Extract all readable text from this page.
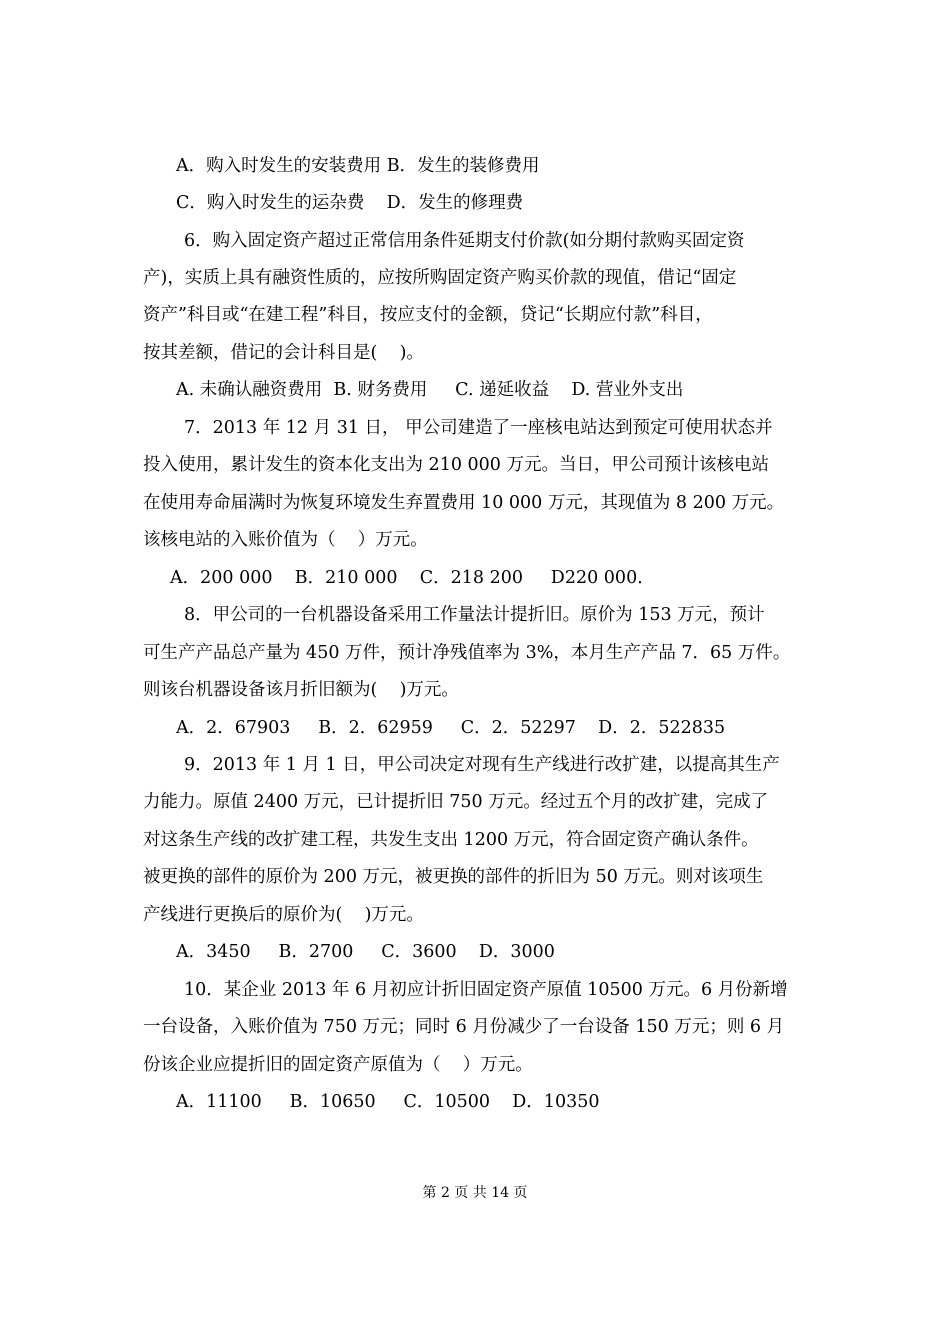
A．购入时发生的安装费用 B．发生的装修费用
C．购入时发生的运杂费    D．发生的修理费
6．购入固定资产超过正常信用条件延期支付价款(如分期付款购买固定资
产)，实质上具有融资性质的，应按所购固定资产购买价款的现值，借记“固定
资产”科目或“在建工程”科目，按应支付的金额，贷记“长期应付款”科目，
按其差额，借记的会计科目是(    )。
A. 未确认融资费用  B. 财务费用     C. 递延收益    D. 营业外支出
7．2013 年 12 月 31 日， 甲公司建造了一座核电站达到预定可使用状态并
投入使用，累计发生的资本化支出为 210 000 万元。当日，甲公司预计该核电站
在使用寿命届满时为恢复环境发生弃置费用 10 000 万元，其现值为 8 200 万元。
该核电站的入账价值为（    ）万元。
A．200 000    B．210 000    C．218 200     D220 000．
8．甲公司的一台机器设备采用工作量法计提折旧。原价为 153 万元，预计
可生产产品总产量为 450 万件，预计净残值率为 3%，本月生产产品 7．65 万件。
则该台机器设备该月折旧额为(    )万元。
A．2．67903     B．2．62959     C．2．52297    D．2．522835
9．2013 年 1 月 1 日，甲公司决定对现有生产线进行改扩建，以提高其生产
力能力。原值 2400 万元，已计提折旧 750 万元。经过五个月的改扩建，完成了
对这条生产线的改扩建工程，共发生支出 1200 万元，符合固定资产确认条件。
被更换的部件的原价为 200 万元，被更换的部件的折旧为 50 万元。则对该项生
产线进行更换后的原价为(    )万元。
A．3450     B．2700     C．3600    D．3000
10．某企业 2013 年 6 月初应计折旧固定资产原值 10500 万元。6 月份新增
一台设备，入账价值为 750 万元；同时 6 月份减少了一台设备 150 万元；则 6 月
份该企业应提折旧的固定资产原值为（    ）万元。
A．11100     B．10650     C．10500    D．10350
第 2 页 共 14 页
